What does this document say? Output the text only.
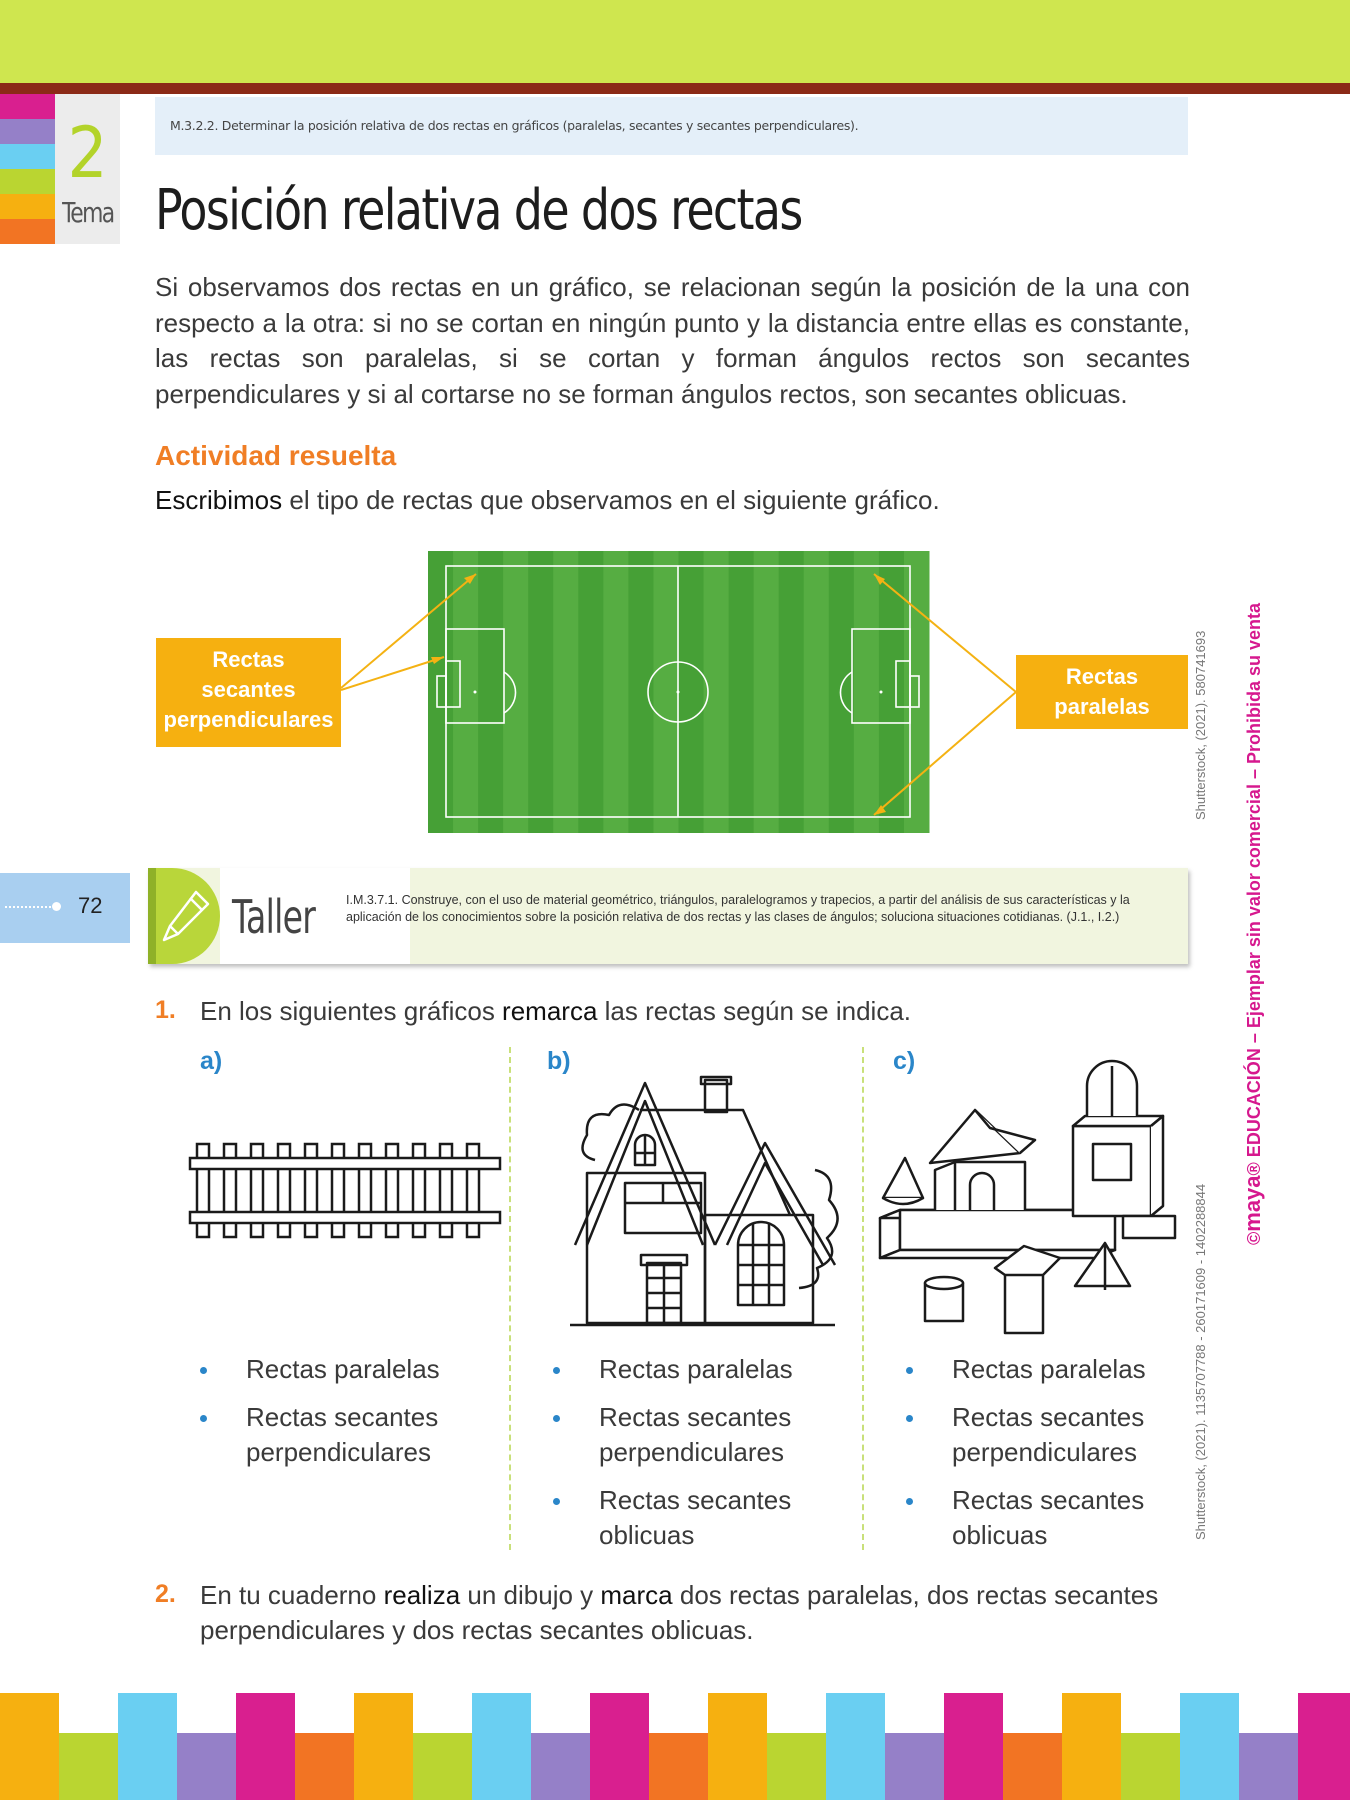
2
Tema
M.3.2.2. Determinar la posición relativa de dos rectas en gráficos (paralelas, secantes y secantes perpendiculares).
Posición relativa de dos rectas
Si observamos dos rectas en un gráfico, se relacionan según la posición de la una con respecto a la otra: si no se cortan en ningún punto y la distancia entre ellas es constante, las rectas son paralelas, si se cortan y forman ángulos rectos son secantes perpendiculares y si al cortarse no se forman ángulos rectos, son secantes oblicuas.
Actividad resuelta
Escribimos el tipo de rectas que observamos en el siguiente gráfico.
Rectas
secantes
perpendiculares
Rectas
paralelas	Shutterstock, (2021). 580741693
Shutterstock, (2021). 1135707788 - 260171609 - 1402288844 ©maya® EDUCACIÓN – Ejemplar sin valor comercial – Prohibida su venta
72	Taller I.M.3.7.1. Construye, con el uso de material geométrico, triángulos, paralelogramos y trapecios, a partir del análisis de sus características y la aplicación de los conocimientos sobre la posición relativa de dos rectas y las clases de ángulos; soluciona situaciones cotidianas. (J.1., I.2.)
1. En los siguientes gráficos remarca las rectas según se indica.
a)	b)	c)
Rectas paralelas
Rectas secantes perpendiculares
Rectas paralelas
Rectas secantes perpendiculares
Rectas secantes oblicuas
Rectas paralelas
Rectas secantes perpendiculares
Rectas secantes oblicuas
2. En tu cuaderno realiza un dibujo y marca dos rectas paralelas, dos rectas secantes perpendiculares y dos rectas secantes oblicuas.
